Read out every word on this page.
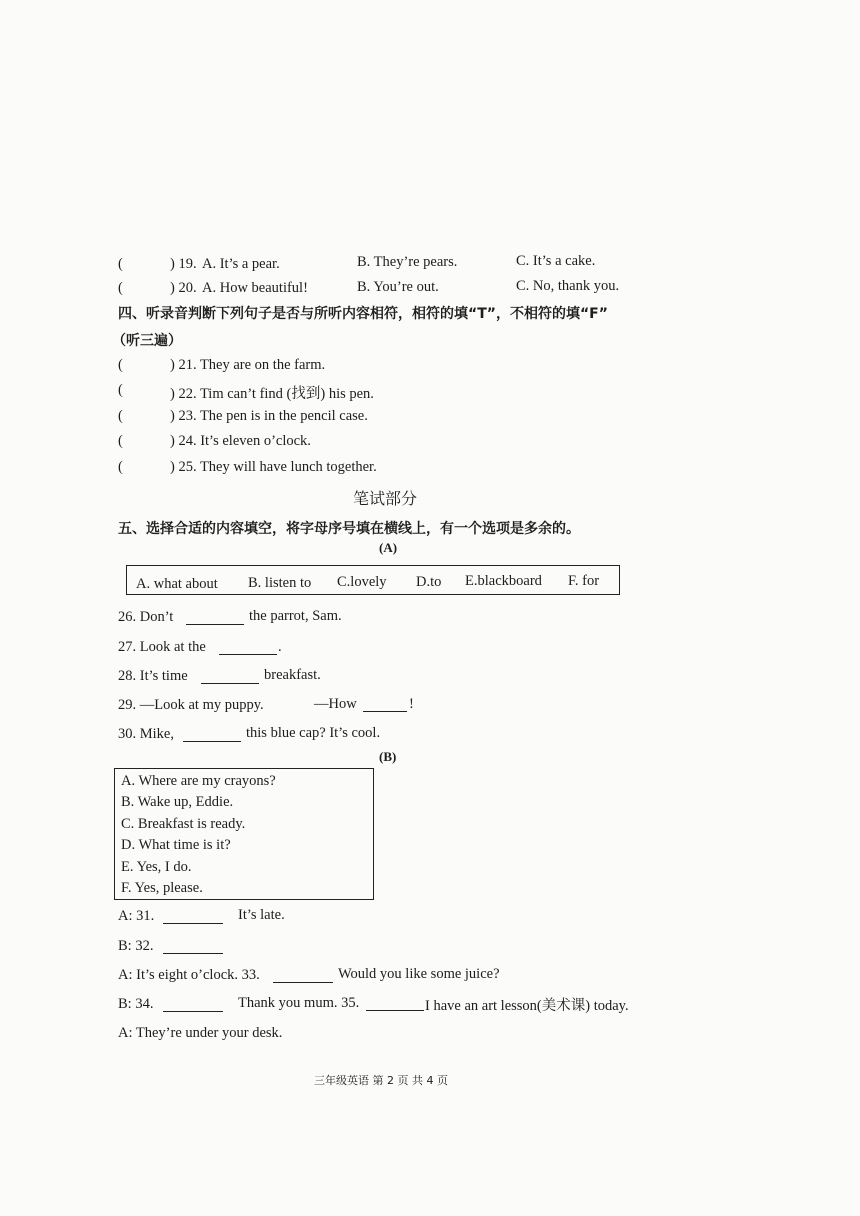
(	) 19. A. It’s a pear.	B. They’re pears.	C. It’s a cake.
(	) 20. A. How beautiful!	B. You’re out.	C. No, thank you.
四、听录音判断下列句子是否与所听内容相符，相符的填“T”，不相符的填“F”
（听三遍）
(	) 21. They are on the farm.
(	) 22. Tim can’t find (找到) his pen.
(	) 23. The pen is in the pencil case.
(	) 24. It’s eleven o’clock.
(	) 25. They will have lunch together.
笔试部分
五、选择合适的内容填空，将字母序号填在横线上，有一个选项是多余的。
(A)
A. what about B. listen to C.lovely D.to E.blackboard F. for
26. Don’t	the parrot, Sam.
27. Look at the	.
28. It’s time	breakfast.
29. —Look at my puppy.	—How	!
30. Mike,	this blue cap? It’s cool.
(B)
A. Where are my crayons?
B. Wake up, Eddie.
C. Breakfast is ready.
D. What time is it?
E. Yes, I do.
F. Yes, please.
A: 31.	It’s late.
B: 32.
A: It’s eight o’clock. 33.	Would you like some juice?
B: 34.	Thank you mum. 35.	I have an art lesson(美术课) today.
A: They’re under your desk.
三年级英语 第 2 页 共 4 页
